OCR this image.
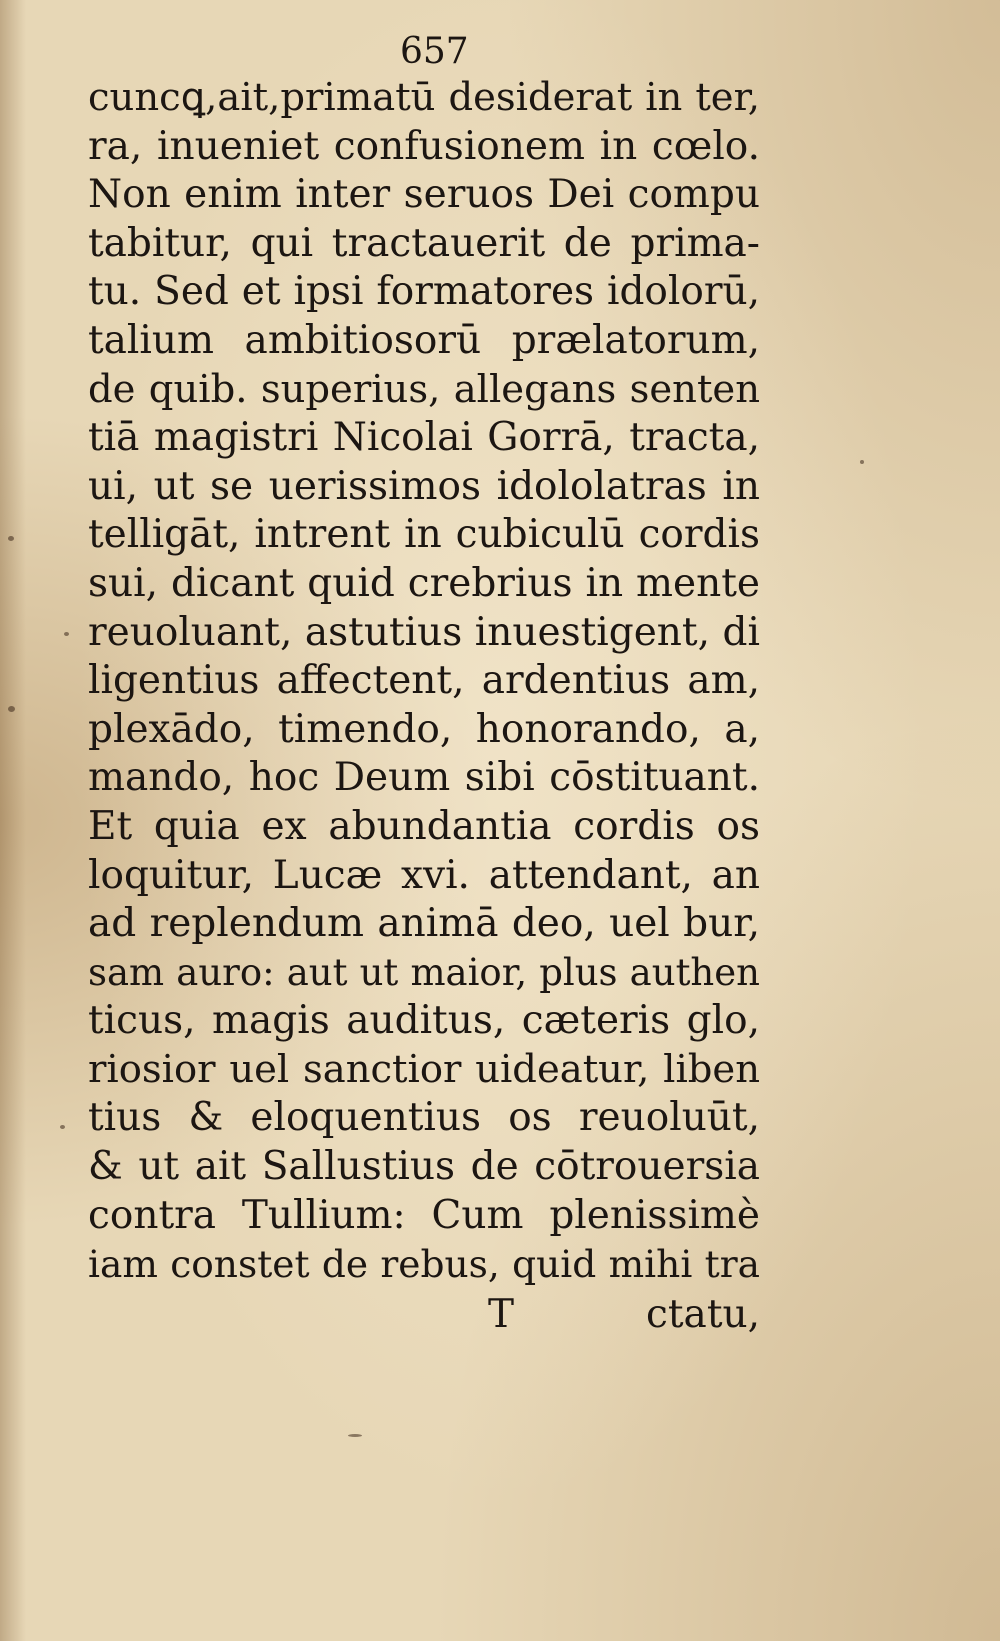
657
cuncꝗ,ait,primatū desiderat in ter,
ra, inueniet confusionem in cœlo.
Non enim inter seruos Dei compu
tabitur, qui tractauerit de prima-
tu. Sed et ipsi formatores idolorū,
talium ambitiosorū prælatorum,
de quib. superius, allegans senten
tiā magistri Nicolai Gorrā, tracta,
ui, ut se uerissimos idololatras in
telligāt, intrent in cubiculū cordis
sui, dicant quid crebrius in mente
reuoluant, astutius inuestigent, di
ligentius affectent, ardentius am,
plexādo, timendo, honorando, a,
mando, hoc Deum sibi cōstituant.
Et quia ex abundantia cordis os
loquitur, Lucæ xvi. attendant, an
ad replendum animā deo, uel bur,
sam auro: aut ut maior, plus authen
ticus, magis auditus, cæteris glo,
riosior uel sanctior uideatur, liben
tius & eloquentius os reuoluūt,
& ut ait Sallustius de cōtrouersia
contra Tullium: Cum plenissimè
iam constet de rebus, quid mihi tra
T	ctatu,
